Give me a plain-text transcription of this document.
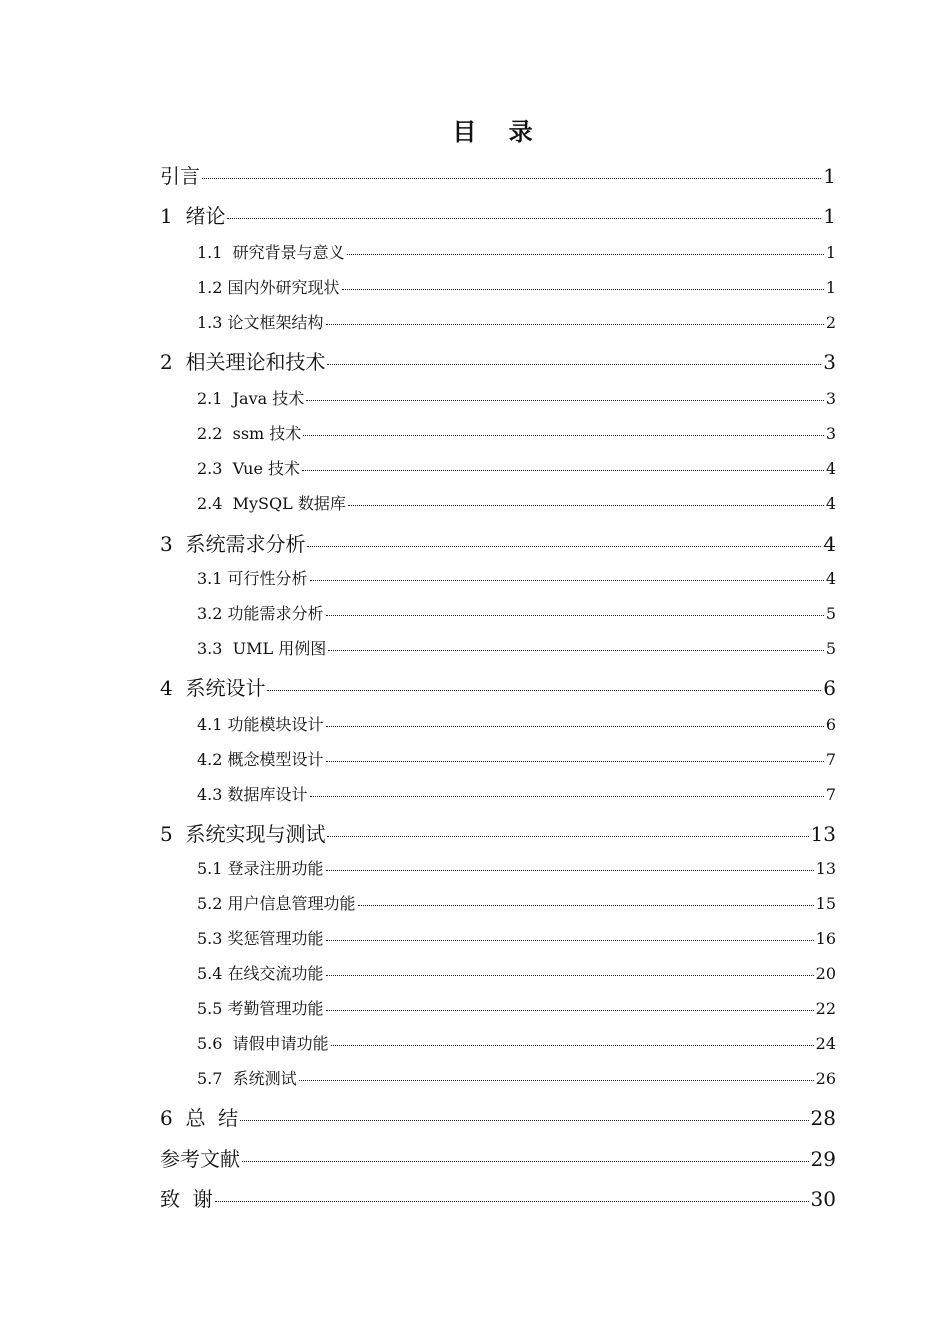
目 录
引言	1
1  绪论	1
1.1  研究背景与意义	1
1.2 国内外研究现状	1
1.3 论文框架结构	2
2  相关理论和技术	3
2.1  Java 技术	3
2.2  ssm 技术	3
2.3  Vue 技术	4
2.4  MySQL 数据库	4
3  系统需求分析	4
3.1 可行性分析	4
3.2 功能需求分析	5
3.3  UML 用例图	5
4  系统设计	6
4.1 功能模块设计	6
4.2 概念模型设计	7
4.3 数据库设计	7
5  系统实现与测试	13
5.1 登录注册功能	13
5.2 用户信息管理功能	15
5.3 奖惩管理功能	16
5.4 在线交流功能	20
5.5 考勤管理功能	22
5.6  请假申请功能	24
5.7  系统测试	26
6  总  结	28
参考文献	29
致  谢	30
